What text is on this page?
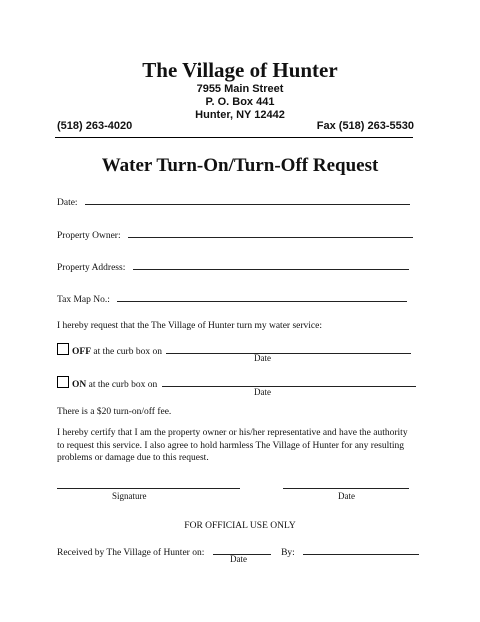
The Village of Hunter
7955 Main Street
P. O. Box 441
Hunter, NY 12442
(518) 263-4020	Fax (518) 263-5530
Water Turn-On/Turn-Off Request
Date:
Property Owner:
Property Address:
Tax Map No.:
I hereby request that the The Village of Hunter turn my water service:
OFF at the curb box on
Date
ON at the curb box on
Date
There is a $20 turn-on/off fee.
I hereby certify that I am the property owner or his/her representative and have the authority to request this service. I also agree to hold harmless The Village of Hunter for any resulting problems or damage due to this request.
Signature	Date
FOR OFFICIAL USE ONLY
Received by The Village of Hunter on:	By:
Date
